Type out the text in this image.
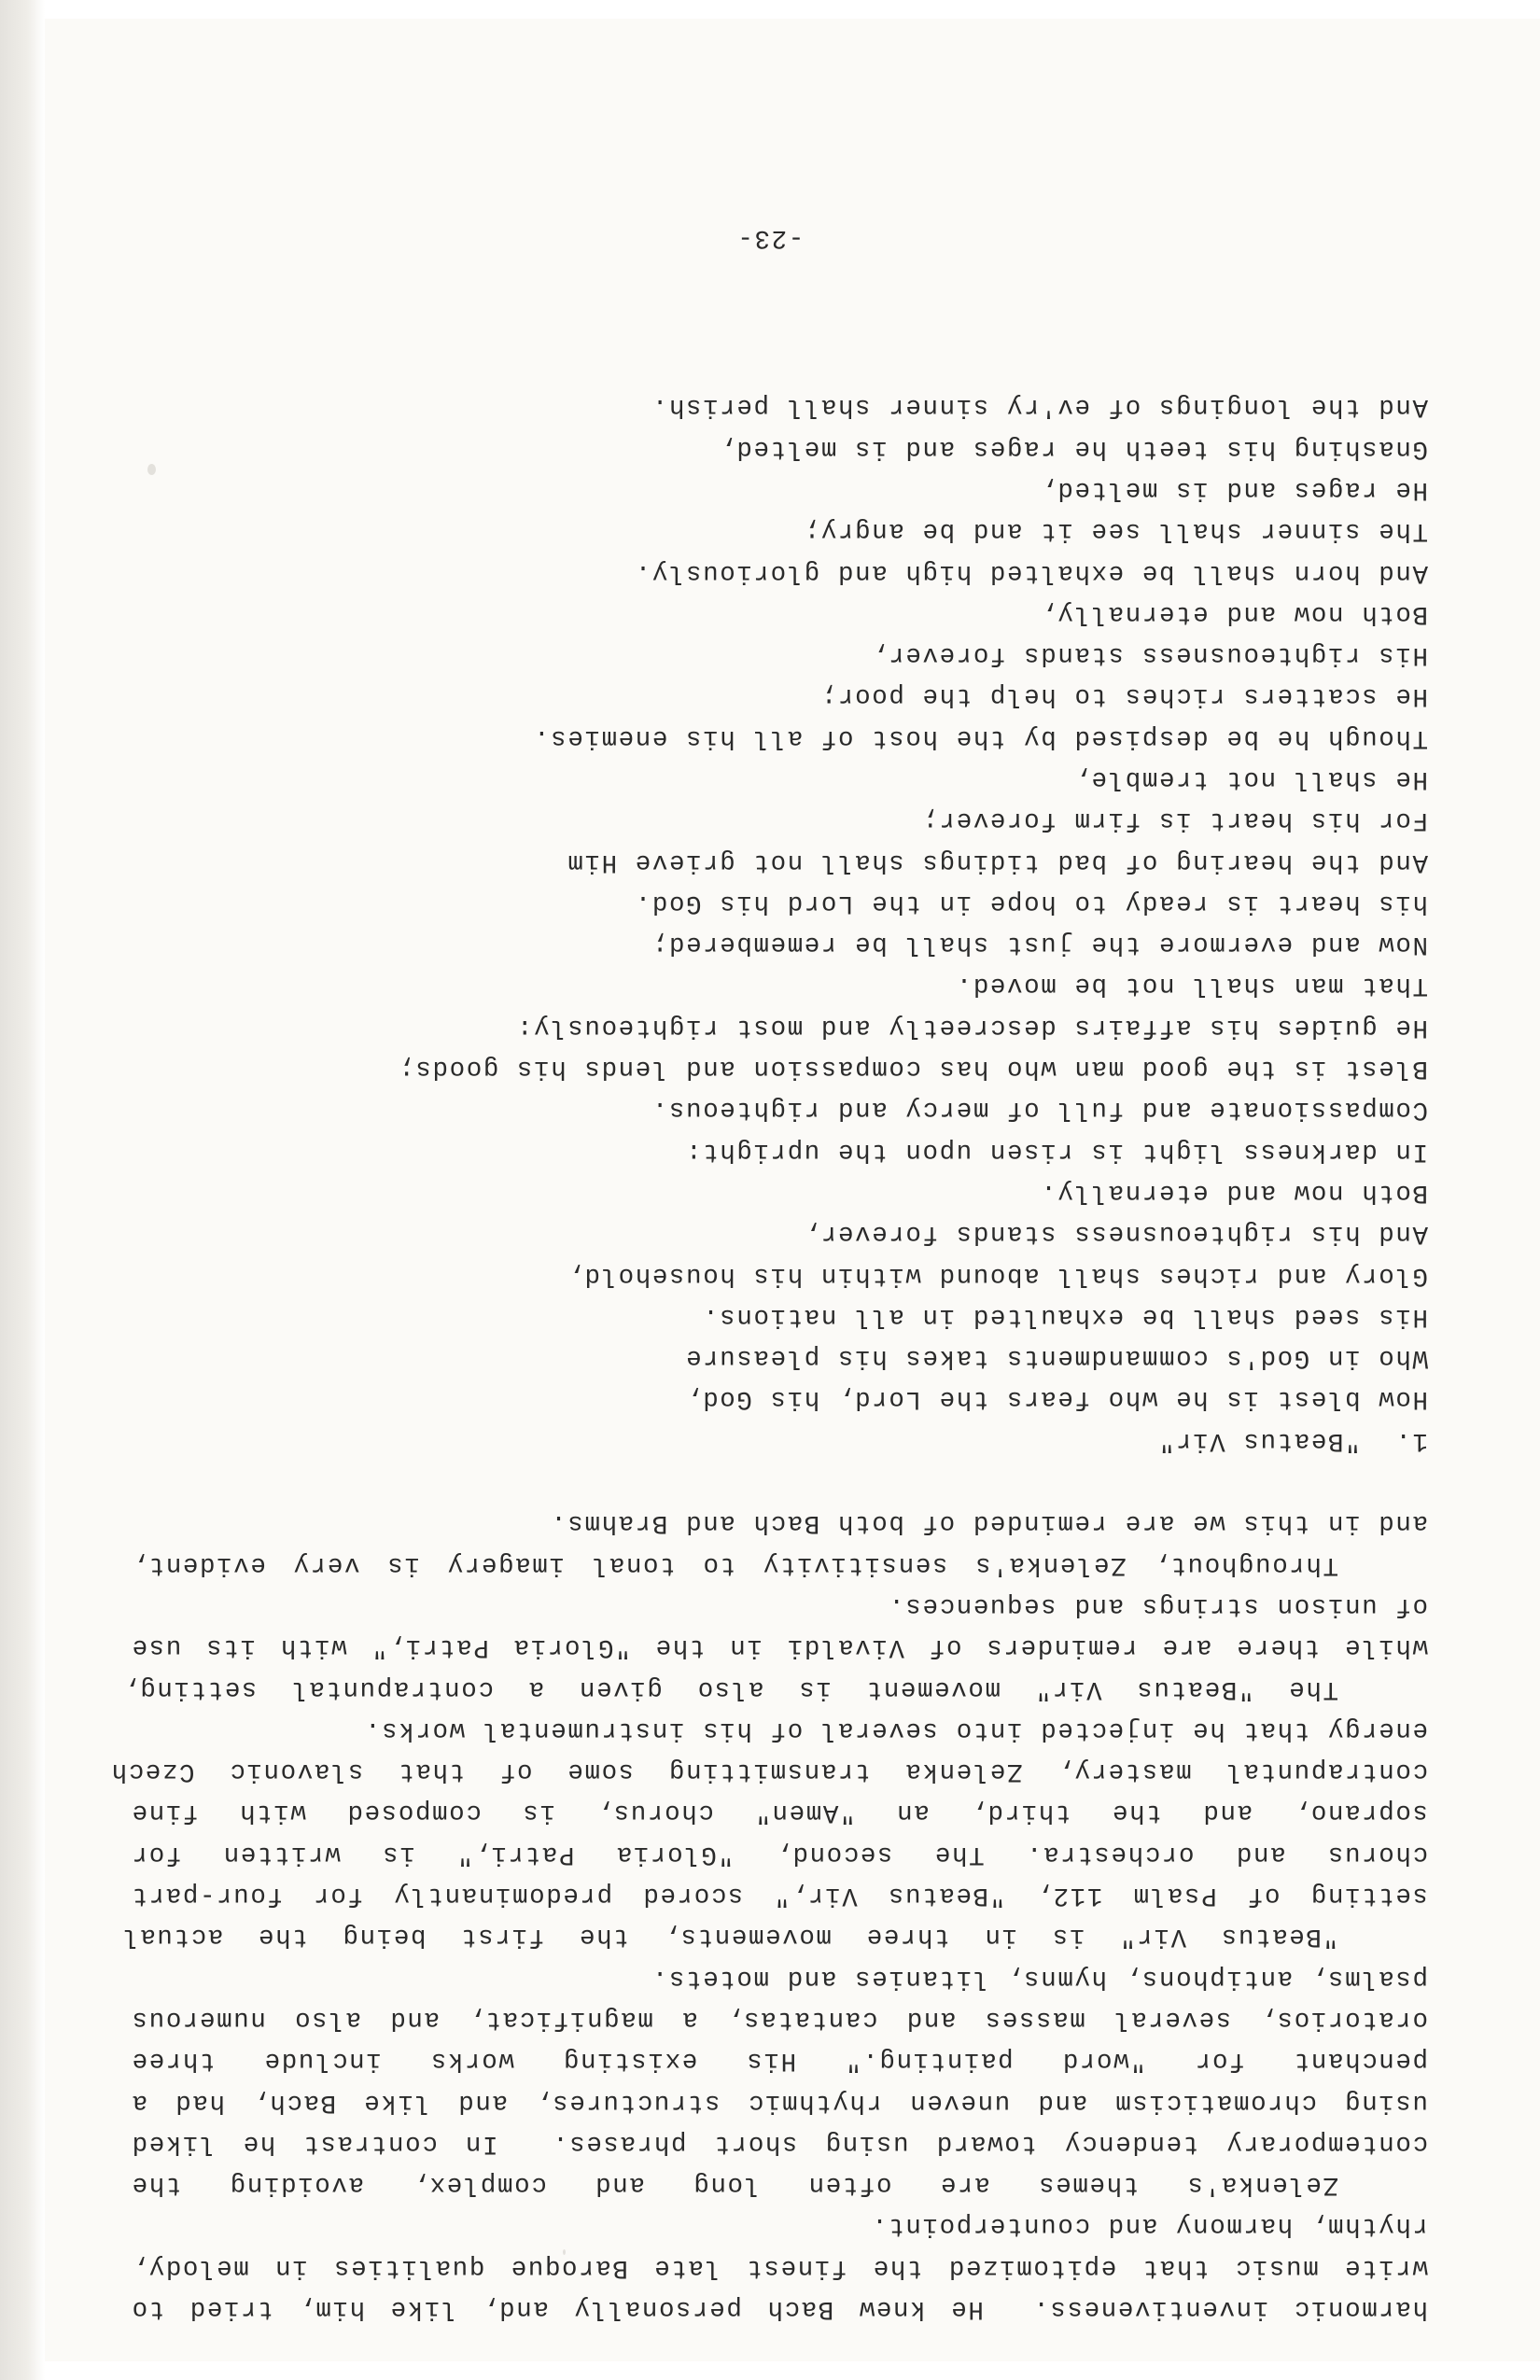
harmonic inventiveness.  He knew Bach personally and, like him, tried to
write music that epitomized the finest late Baroque qualities in melody,
rhythm, harmony and counterpoint.
Zelenka's  themes  are  often  long  and  complex,  avoiding  the
contemporary tendency toward using short phrases.  In contrast he liked
using chromaticism and uneven rhythmic structures, and like Bach, had a
penchant  for  "word  painting."  His  existing  works  include  three
oratorios, several masses and cantatas, a magnificat, and also numerous
psalms, antiphons, hymns, litanies and motets.
"Beatus  Vir"  is  in  three  movements,  the  first  being  the  actual
setting of Psalm 112, "Beatus Vir," scored predominantly for four-part
chorus  and  orchestra.  The  second,  "Gloria  Patri,"  is  written  for
soprano,  and  the  third,  an  "Amen"  chorus,  is  composed  with  fine
contrapuntal  mastery,  Zelenka  transmitting  some  of  that  slavonic  Czech
energy that he injected into several of his instrumental works.
The  "Beatus  Vir"  movement  is  also  given  a  contrapuntal  setting,
while there are reminders of Vivaldi in the "Gloria Patri," with its use
of unison strings and sequences.
Throughout, Zelenka's sensitivity to tonal imagery is very evident,
and in this we are reminded of both Bach and Brahms.
1.  "Beatus Vir"
How blest is he who fears the Lord, his God,
Who in God's commandments takes his pleasure
His seed shall be exhaulted in all nations.
Glory and riches shall abound within his household,
And his righteousness stands forever,
Both now and eternally.
In darkness light is risen upon the upright:
Compassionate and full of mercy and righteous.
Blest is the good man who has compassion and lends his goods;
He guides his affairs descreetly and most righteously:
That man shall not be moved.
Now and evermore the just shall be remembered;
his heart is ready to hope in the Lord his God.
And the hearing of bad tidings shall not grieve Him
For his heart is firm forever;
He shall not tremble,
Though he be despised by the host of all his enemies.
He scatters riches to help the poor;
His righteousness stands forever,
Both now and eternally,
And horn shall be exhalted high and gloriously.
The sinner shall see it and be angry;
He rages and is melted,
Gnashing his teeth he rages and is melted,
And the longings of ev'ry sinner shall perish.
-23-
